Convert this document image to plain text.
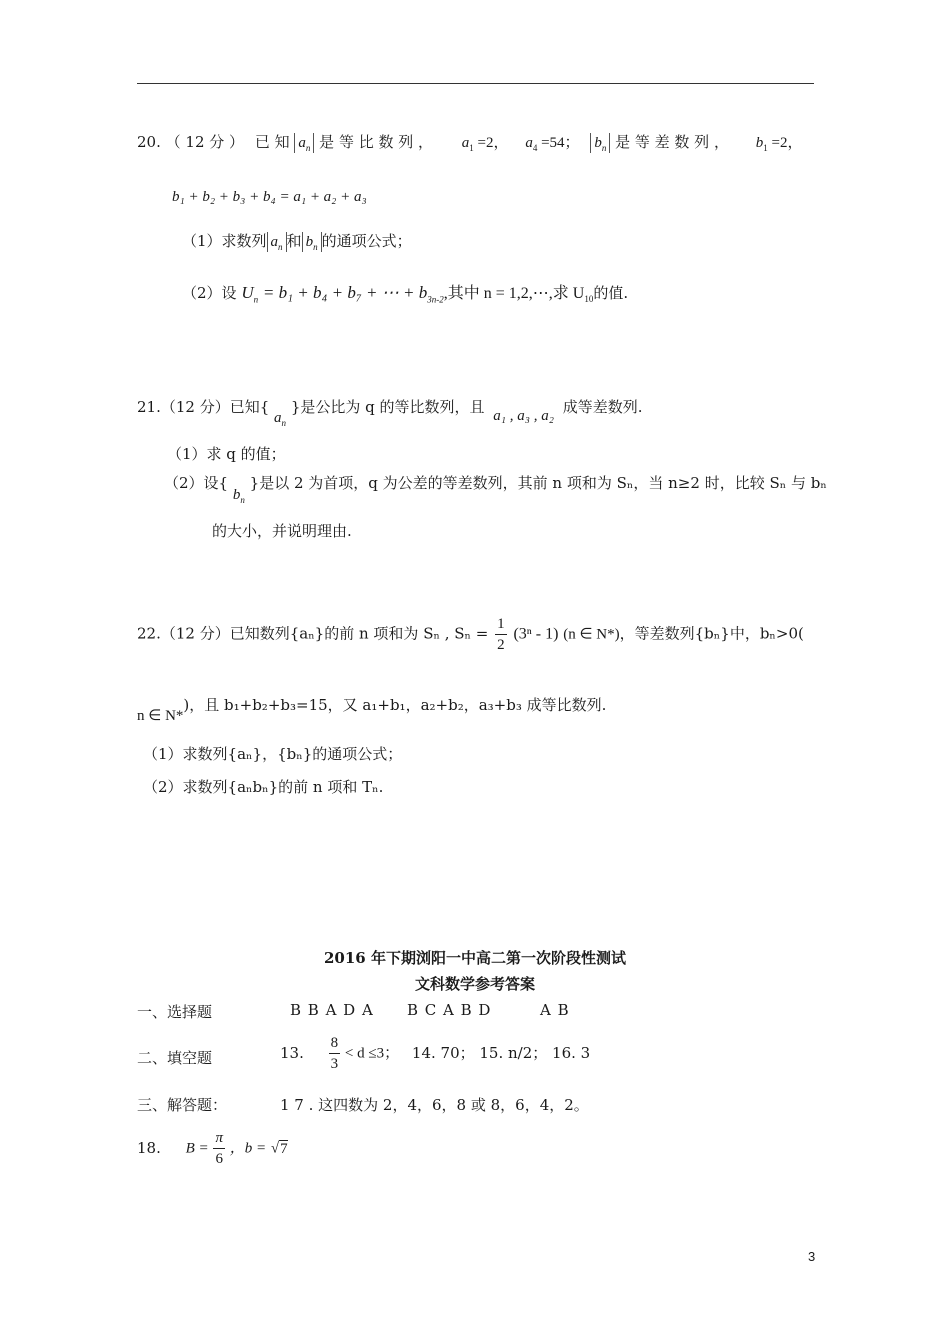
20. （ 12 分 ） 已 知 $a_n$ 是 等 比 数 列 ， $a_1 =2$， $a_4 =54$； $b_n$ 是 等 差 数 列 ， $b_1 =2$，
b₁ + b₂ + b₃ + b₄ = a₁ + a₂ + a₃
（1）求数列 $a_n$ 和 $b_n$ 的通项公式；
（2）设 $U_n = b_1 + b_4 + b_7$ + ⋯ + $b_{3n-2}$,其中 n = 1,2,⋯,求 $U_{10}$的值.
21.（12 分）已知{ $a_n$ }是公比为 q 的等比数列，且 a₁ , a₃ , a₂ 成等差数列.
（1）求 q 的值；
（2）设{ $b_n$ }是以 2 为首项，q 为公差的等差数列，其前 n 项和为 Sₙ，当 n≥2 时，比较 Sₙ 与 bₙ
的大小，并说明理由.
22.（12 分）已知数列{aₙ}的前 n 项和为 Sₙ , $S_n = \frac{1}{2} (3^n - 1)$ (n ∈ N*)，等差数列{bₙ}中，bₙ>0(
n ∈ N*)，且 b₁+b₂+b₃=15，又 a₁+b₁，a₂+b₂，a₃+b₃ 成等比数列.
（1）求数列{aₙ}，{bₙ}的通项公式；
（2）求数列{aₙbₙ}的前 n 项和 Tₙ.
2016 年下期浏阳一中高二第一次阶段性测试
文科数学参考答案
一、选择题	B B A D A B C A B D	A B
二、填空题	13. $\frac{8}{3} < d \le 3$； 14. 70； 15. n/2； 16. 3
三、解答题：	1 7 . 这四数为 2，4，6，8 或 8，6，4，2。
18. $B = \frac{\pi}{6}$ ，b = √7
3
